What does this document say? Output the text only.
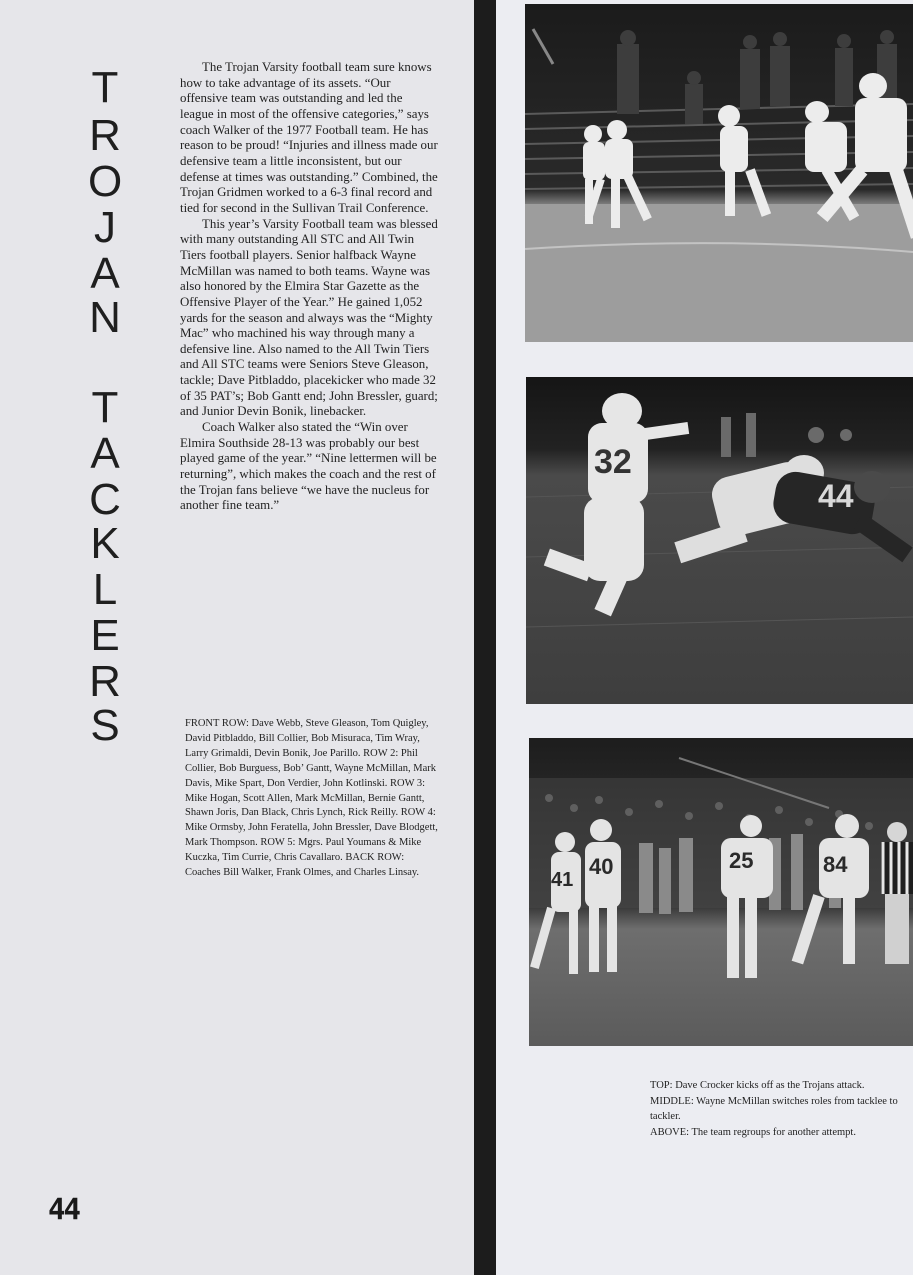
T
R
O
J
A
N
T
A
C
K
L
E
R
S

The Trojan Varsity football team sure knows how to take advantage of its assets. “Our offensive team was outstanding and led the league in most of the offensive categories,” says coach Walker of the 1977 Football team. He has reason to be proud! “Injuries and illness made our defensive team a little inconsistent, but our defense at times was outstanding.” Combined, the Trojan Gridmen worked to a 6-3 final record and tied for second in the Sullivan Trail Conference.

This year’s Varsity Football team was blessed with many outstanding All STC and All Twin Tiers football players. Senior halfback Wayne McMillan was named to both teams. Wayne was also honored by the Elmira Star Gazette as the Offensive Player of the Year.” He gained 1,052 yards for the season and always was the “Mighty Mac” who machined his way through many a defensive line. Also named to the All Twin Tiers and All STC teams were Seniors Steve Gleason, tackle; Dave Pitbladdo, placekicker who made 32 of 35 PAT’s; Bob Gantt end; John Bressler, guard; and Junior Devin Bonik, linebacker.

Coach Walker also stated the “Win over Elmira Southside 28-13 was probably our best played game of the year.” “Nine lettermen will be returning”, which makes the coach and the rest of the Trojan fans believe “we have the nucleus for another fine team.”

FRONT ROW: Dave Webb, Steve Gleason, Tom Quigley, David Pitbladdo, Bill Collier, Bob Misuraca, Tim Wray, Larry Grimaldi, Devin Bonik, Joe Parillo. ROW 2: Phil Collier, Bob Burguess, Bob’ Gantt, Wayne McMillan, Mark Davis, Mike Spart, Don Verdier, John Kotlinski. ROW 3: Mike Hogan, Scott Allen, Mark McMillan, Bernie Gantt, Shawn Joris, Dan Black, Chris Lynch, Rick Reilly. ROW 4: Mike Ormsby, John Feratella, John Bressler, Dave Blodgett, Mark Thompson. ROW 5: Mgrs. Paul Youmans & Mike Kuczka, Tim Currie, Chris Cavallaro. BACK ROW: Coaches Bill Walker, Frank Olmes, and Charles Linsay.
44
32
44
41
40	25	84
TOP: Dave Crocker kicks off as the Trojans attack.
MIDDLE: Wayne McMillan switches roles from tacklee to tackler.
ABOVE: The team regroups for another attempt.
